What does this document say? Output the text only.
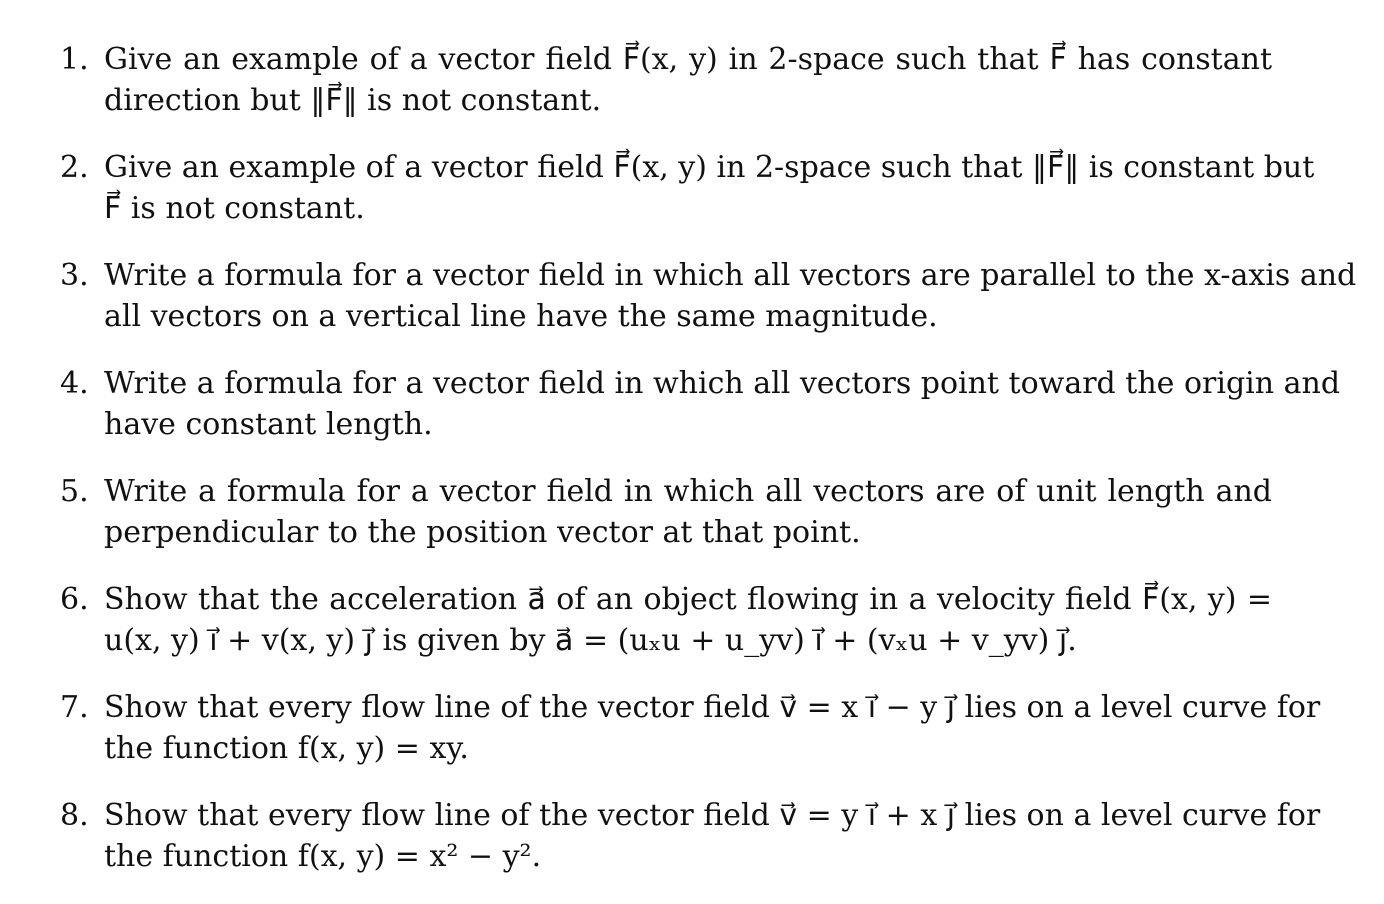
1. Give an example of a vector field F⃗(x, y) in 2-space such that F⃗ has constant
direction but ‖F⃗‖ is not constant.
2. Give an example of a vector field F⃗(x, y) in 2-space such that ‖F⃗‖ is constant but
F⃗ is not constant.
3. Write a formula for a vector field in which all vectors are parallel to the x-axis and
all vectors on a vertical line have the same magnitude.
4. Write a formula for a vector field in which all vectors point toward the origin and
have constant length.
5. Write a formula for a vector field in which all vectors are of unit length and
perpendicular to the position vector at that point.
6. Show that the acceleration a⃗ of an object flowing in a velocity field F⃗(x, y) =
u(x, y) i⃗ + v(x, y) j⃗ is given by a⃗ = (uₓu + u_yv) i⃗ + (vₓu + v_yv) j⃗.
7. Show that every flow line of the vector field v⃗ = x i⃗ − y j⃗ lies on a level curve for
the function f(x, y) = xy.
8. Show that every flow line of the vector field v⃗ = y i⃗ + x j⃗ lies on a level curve for
the function f(x, y) = x² − y².
